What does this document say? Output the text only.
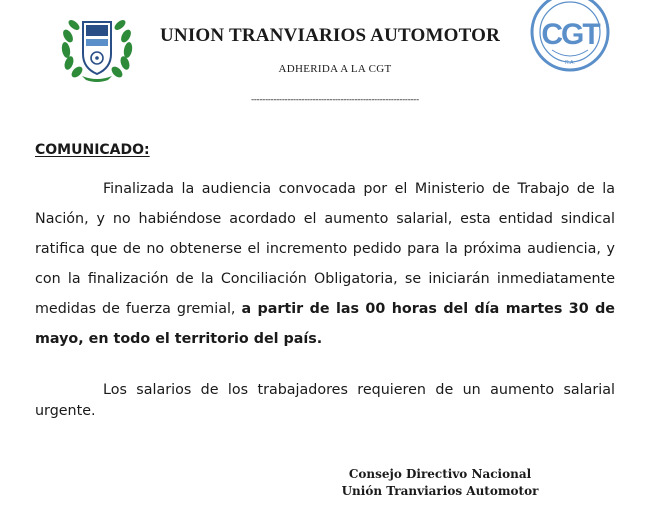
CGT
R.A.
UNION TRANVIARIOS AUTOMOTOR
ADHERIDA A LA CGT
------------------------------------------------------------
COMUNICADO:
Finalizada la audiencia convocada por el Ministerio de Trabajo de la Nación, y no habiéndose acordado el aumento salarial, esta entidad sindical ratifica que de no obtenerse el incremento pedido para la próxima audiencia, y con la finalización de la Conciliación Obligatoria, se iniciarán inmediatamente medidas de fuerza gremial, a partir de las 00 horas del día martes 30 de mayo, en todo el territorio del país.
Los salarios de los trabajadores requieren de un aumento salarial urgente.
Consejo Directivo Nacional
Unión Tranviarios Automotor
